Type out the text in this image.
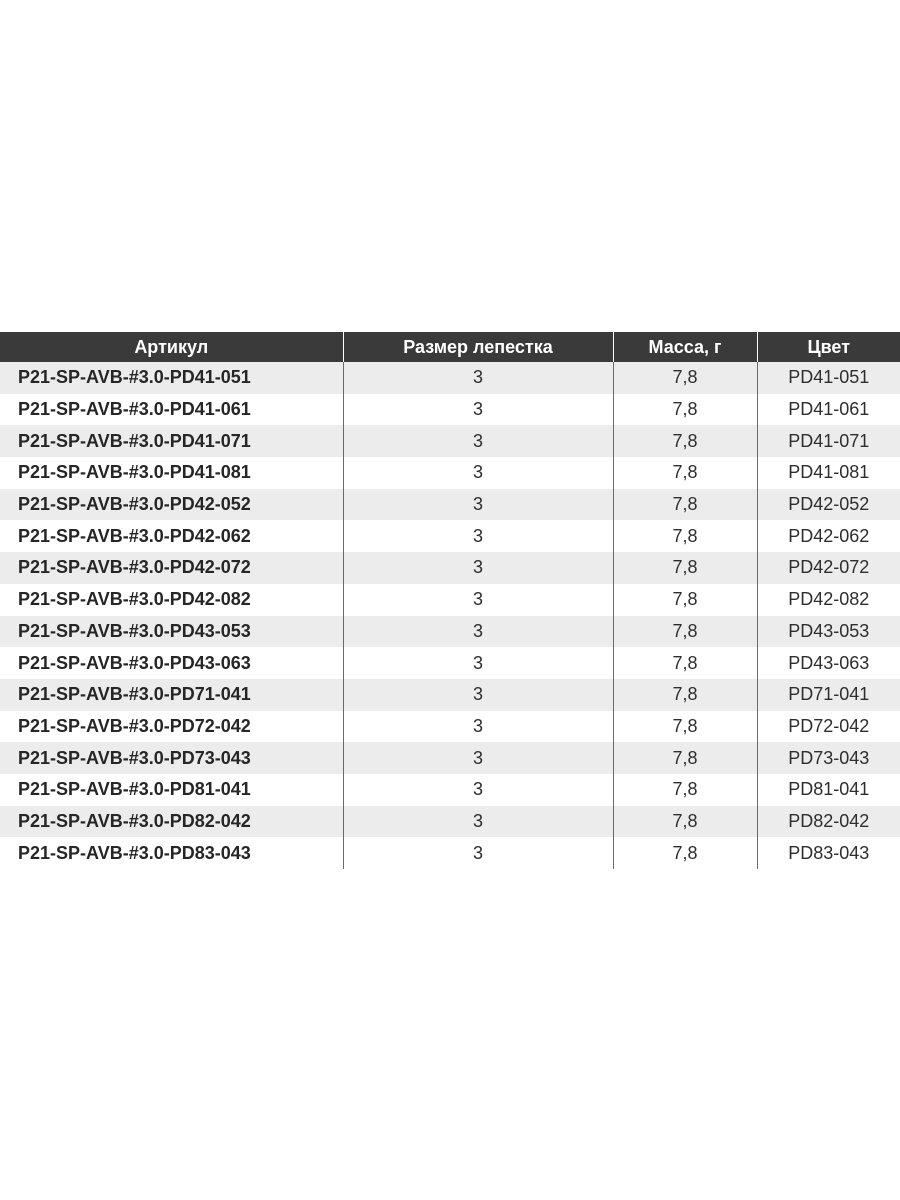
Артикул	Размер лепестка	Масса, г	Цвет
P21-SP-AVB-#3.0-PD41-051	3	7,8	PD41-051
P21-SP-AVB-#3.0-PD41-061	3	7,8	PD41-061
P21-SP-AVB-#3.0-PD41-071	3	7,8	PD41-071
P21-SP-AVB-#3.0-PD41-081	3	7,8	PD41-081
P21-SP-AVB-#3.0-PD42-052	3	7,8	PD42-052
P21-SP-AVB-#3.0-PD42-062	3	7,8	PD42-062
P21-SP-AVB-#3.0-PD42-072	3	7,8	PD42-072
P21-SP-AVB-#3.0-PD42-082	3	7,8	PD42-082
P21-SP-AVB-#3.0-PD43-053	3	7,8	PD43-053
P21-SP-AVB-#3.0-PD43-063	3	7,8	PD43-063
P21-SP-AVB-#3.0-PD71-041	3	7,8	PD71-041
P21-SP-AVB-#3.0-PD72-042	3	7,8	PD72-042
P21-SP-AVB-#3.0-PD73-043	3	7,8	PD73-043
P21-SP-AVB-#3.0-PD81-041	3	7,8	PD81-041
P21-SP-AVB-#3.0-PD82-042	3	7,8	PD82-042
P21-SP-AVB-#3.0-PD83-043	3	7,8	PD83-043
